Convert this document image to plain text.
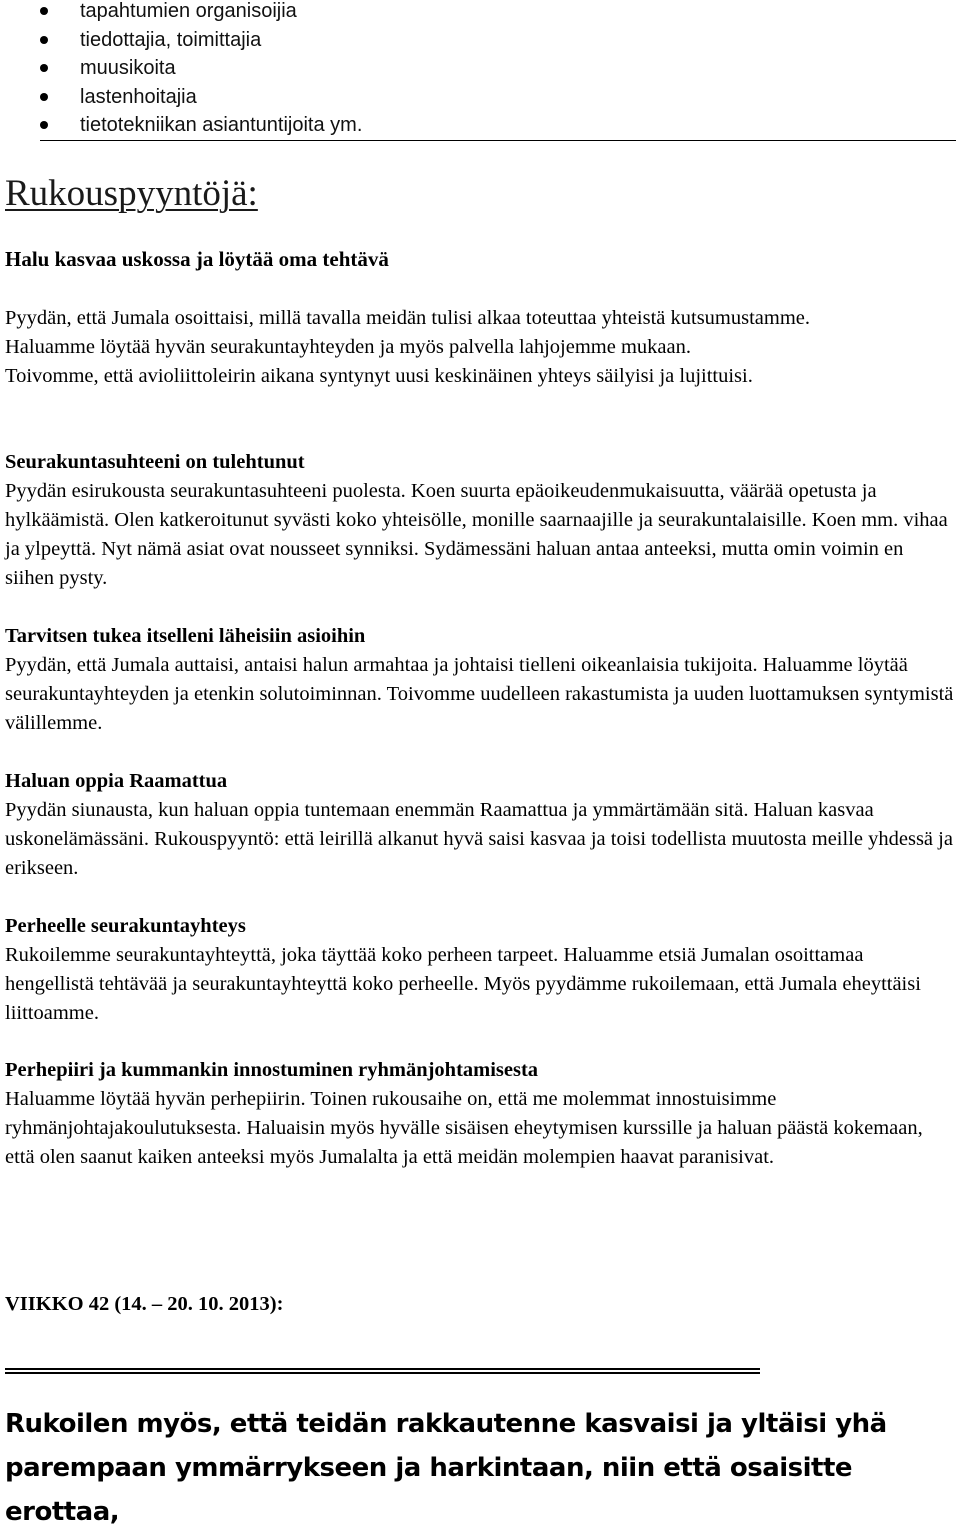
tapahtumien organisoijia
tiedottajia, toimittajia
muusikoita
lastenhoitajia
tietotekniikan asiantuntijoita ym.
Rukouspyyntöjä:
Halu kasvaa uskossa ja löytää oma tehtävä

Pyydän, että Jumala osoittaisi, millä tavalla meidän tulisi alkaa toteuttaa yhteistä kutsumustamme.

Haluamme löytää hyvän seurakuntayhteyden ja myös palvella lahjojemme mukaan.

Toivomme, että avioliittoleirin aikana syntynyt uusi keskinäinen yhteys säilyisi ja lujittuisi.

Seurakuntasuhteeni on tulehtunut

Pyydän esirukousta seurakuntasuhteeni puolesta. Koen suurta epäoikeudenmukaisuutta, väärää opetusta ja hylkäämistä. Olen katkeroitunut syvästi koko yhteisölle, monille saarnaajille ja seurakuntalaisille. Koen mm. vihaa ja ylpeyttä. Nyt nämä asiat ovat nousseet synniksi. Sydämessäni haluan antaa anteeksi, mutta omin voimin en siihen pysty.

Tarvitsen tukea itselleni läheisiin asioihin

Pyydän, että Jumala auttaisi, antaisi halun armahtaa ja johtaisi tielleni oikeanlaisia tukijoita. Haluamme löytää seurakuntayhteyden ja etenkin solutoiminnan. Toivomme uudelleen rakastumista ja uuden luottamuksen syntymistä välillemme.

Haluan oppia Raamattua

Pyydän siunausta, kun haluan oppia tuntemaan enemmän Raamattua ja ymmärtämään sitä. Haluan kasvaa uskonelämässäni. Rukouspyyntö: että leirillä alkanut hyvä saisi kasvaa ja toisi todellista muutosta meille yhdessä ja erikseen.

Perheelle seurakuntayhteys

Rukoilemme seurakuntayhteyttä, joka täyttää koko perheen tarpeet. Haluamme etsiä Jumalan osoittamaa hengellistä tehtävää ja seurakuntayhteyttä koko perheelle. Myös pyydämme rukoilemaan, että Jumala eheyttäisi liittoamme.

Perhepiiri ja kummankin innostuminen ryhmänjohtamisesta

Haluamme löytää hyvän perhepiirin. Toinen rukousaihe on, että me molemmat innostuisimme ryhmänjohtajakoulutuksesta. Haluaisin myös hyvälle sisäisen eheytymisen kurssille ja haluan päästä kokemaan, että olen saanut kaiken anteeksi myös Jumalalta ja että meidän molempien haavat paranisivat.

VIIKKO 42 (14. – 20. 10. 2013):
Rukoilen myös, että teidän rakkautenne kasvaisi ja yltäisi yhä
parempaan ymmärrykseen ja harkintaan, niin että osaisitte erottaa,
